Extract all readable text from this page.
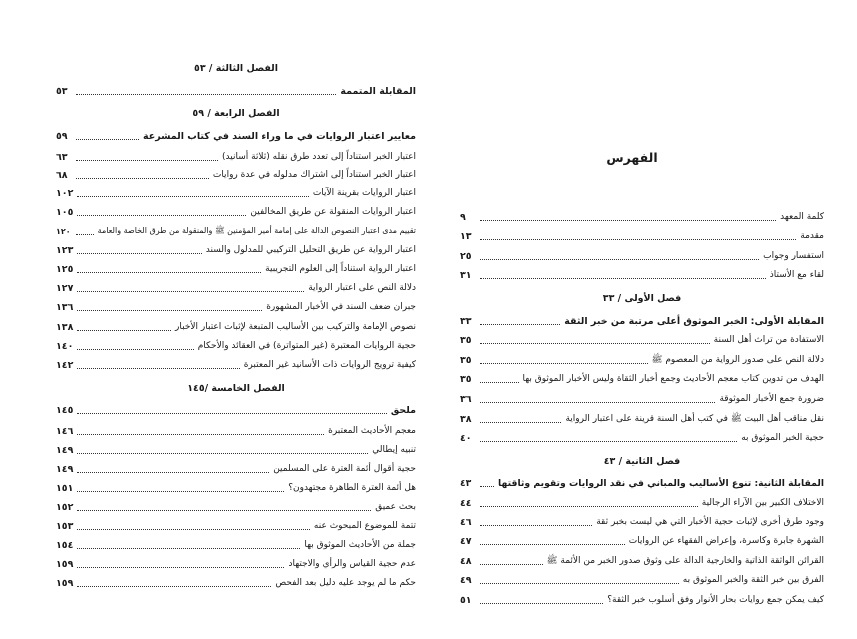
الفصل الثالثة / ٥٣
المقابلة المتممة
٥٣
الفصل الرابعة / ٥٩
معايير اعتبار الروايات في ما وراء السند في كتاب المشرعة
٥٩
اعتبار الخبر استناداً إلى تعدد طرق نقله (ثلاثة أسانيد)
٦٣
اعتبار الخبر استناداً إلى اشتراك مدلوله في عدة روايات
٦٨
اعتبار الروايات بقرينة الآيات
١٠٢
اعتبار الروايات المنقولة عن طريق المخالفين
١٠٥
تقييم مدى اعتبار النصوص الدالة على إمامة أمير المؤمنين ﷺ والمنقولة من طرق الخاصة والعامة
١٢٠
اعتبار الرواية عن طريق التحليل التركيبي للمدلول والسند
١٢٣
اعتبار الرواية استناداً إلى العلوم التجريبية
١٢٥
دلالة النص على اعتبار الرواية
١٢٧
جبران ضعف السند في الأخبار المشهورة
١٣٦
نصوص الإمامة والتركيب بين الأساليب المتبعة لإثبات اعتبار الأخبار
١٣٨
حجية الروايات المعتبرة (غير المتواترة) في العقائد والأحكام
١٤٠
كيفية ترويج الروايات ذات الأسانيد غير المعتبرة
١٤٢
الفصل الخامسة /١٤٥
ملحق
١٤٥
معجم الأحاديث المعتبرة
١٤٦
تنبيه إيطالي
١٤٩
حجية أقوال أئمة العترة على المسلمين
١٤٩
هل أئمة العترة الطاهرة مجتهدون؟
١٥١
بحث عميق
١٥٢
تتمة للموضوع المبحوث عنه
١٥٣
جملة من الأحاديث الموثوق بها
١٥٤
عدم حجية القياس والرأي والاجتهاد
١٥٩
حكم ما لم يوجد عليه دليل بعد الفحص
١٥٩
الفهرس
كلمة المعهد
٩
مقدمة
١٣
استفسار وجواب
٢٥
لقاء مع الأستاذ
٣١
فصل الأولى / ٣٣
المقابلة الأولى: الخبر الموثوق أعلى مرتبة من خبر الثقة
٣٣
الاستفادة من تراث أهل السنة
٣٥
دلالة النص على صدور الرواية من المعصوم ﷺ
٣٥
الهدف من تدوين كتاب معجم الأحاديث وجمع أخبار الثقاة وليس الأخبار الموثوق بها
٣٥
ضرورة جمع الأخبار الموثوقة
٣٦
نقل مناقب أهل البيت ﷺ في كتب أهل السنة قرينة على اعتبار الرواية
٣٨
حجية الخبر الموثوق به
٤٠
فصل الثانية / ٤٣
المقابلة الثانية: تنوع الأساليب والمباني في نقد الروايات وتقويم وثاقتها
٤٣
الاختلاف الكبير بين الآراء الرجالية
٤٤
وجود طرق أخرى لإثبات حجية الأخبار التي هي ليست بخبر ثقة
٤٦
الشهرة جابرة وكاسرة، وإعراض الفقهاء عن الروايات
٤٧
القرائن الواثقة الذاتية والخارجية الدالة على وثوق صدور الخبر من الأئمة ﷺ
٤٨
الفرق بين خبر الثقة والخبر الموثوق به
٤٩
كيف يمكن جمع روايات بحار الأنوار وفق أسلوب خبر الثقة؟
٥١
